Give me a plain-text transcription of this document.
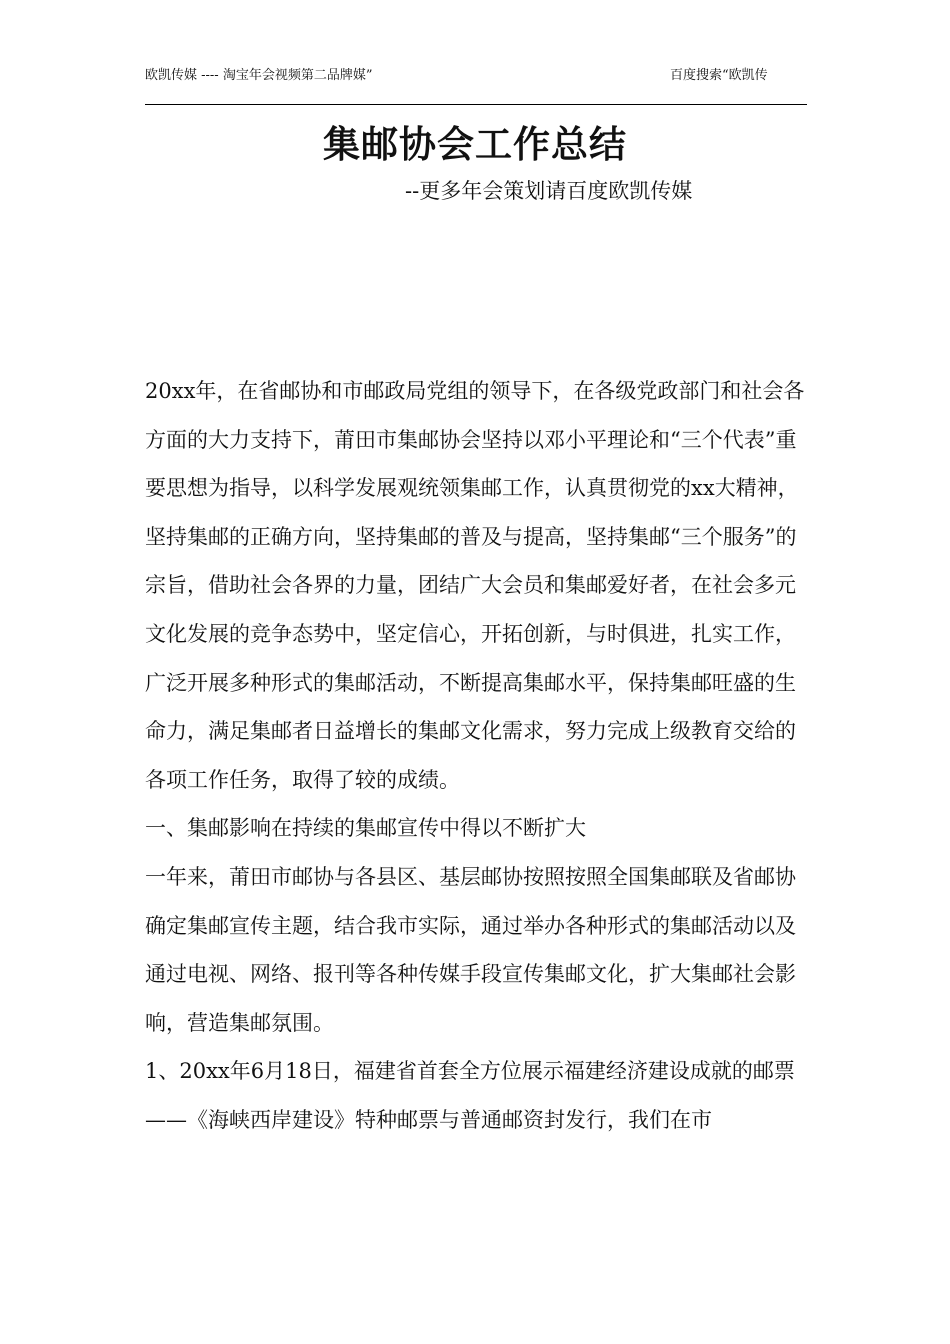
欧凯传媒 ---- 淘宝年会视频第二品牌媒”	百度搜索“欧凯传
集邮协会工作总结
--更多年会策划请百度欧凯传媒

20xx年，在省邮协和市邮政局党组的领导下，在各级党政部门和社会各方面的大力支持下，莆田市集邮协会坚持以邓小平理论和“三个代表”重要思想为指导，以科学发展观统领集邮工作，认真贯彻党的xx大精神，坚持集邮的正确方向，坚持集邮的普及与提高，坚持集邮“三个服务”的宗旨，借助社会各界的力量，团结广大会员和集邮爱好者，在社会多元文化发展的竞争态势中，坚定信心，开拓创新，与时俱进，扎实工作，广泛开展多种形式的集邮活动，不断提高集邮水平，保持集邮旺盛的生命力，满足集邮者日益增长的集邮文化需求，努力完成上级教育交给的各项工作任务，取得了较的成绩。

一、集邮影响在持续的集邮宣传中得以不断扩大

一年来，莆田市邮协与各县区、基层邮协按照按照全国集邮联及省邮协确定集邮宣传主题，结合我市实际，通过举办各种形式的集邮活动以及通过电视、网络、报刊等各种传媒手段宣传集邮文化，扩大集邮社会影响，营造集邮氛围。

1、20xx年6月18日，福建省首套全方位展示福建经济建设成就的邮票——《海峡西岸建设》特种邮票与普通邮资封发行，我们在市
